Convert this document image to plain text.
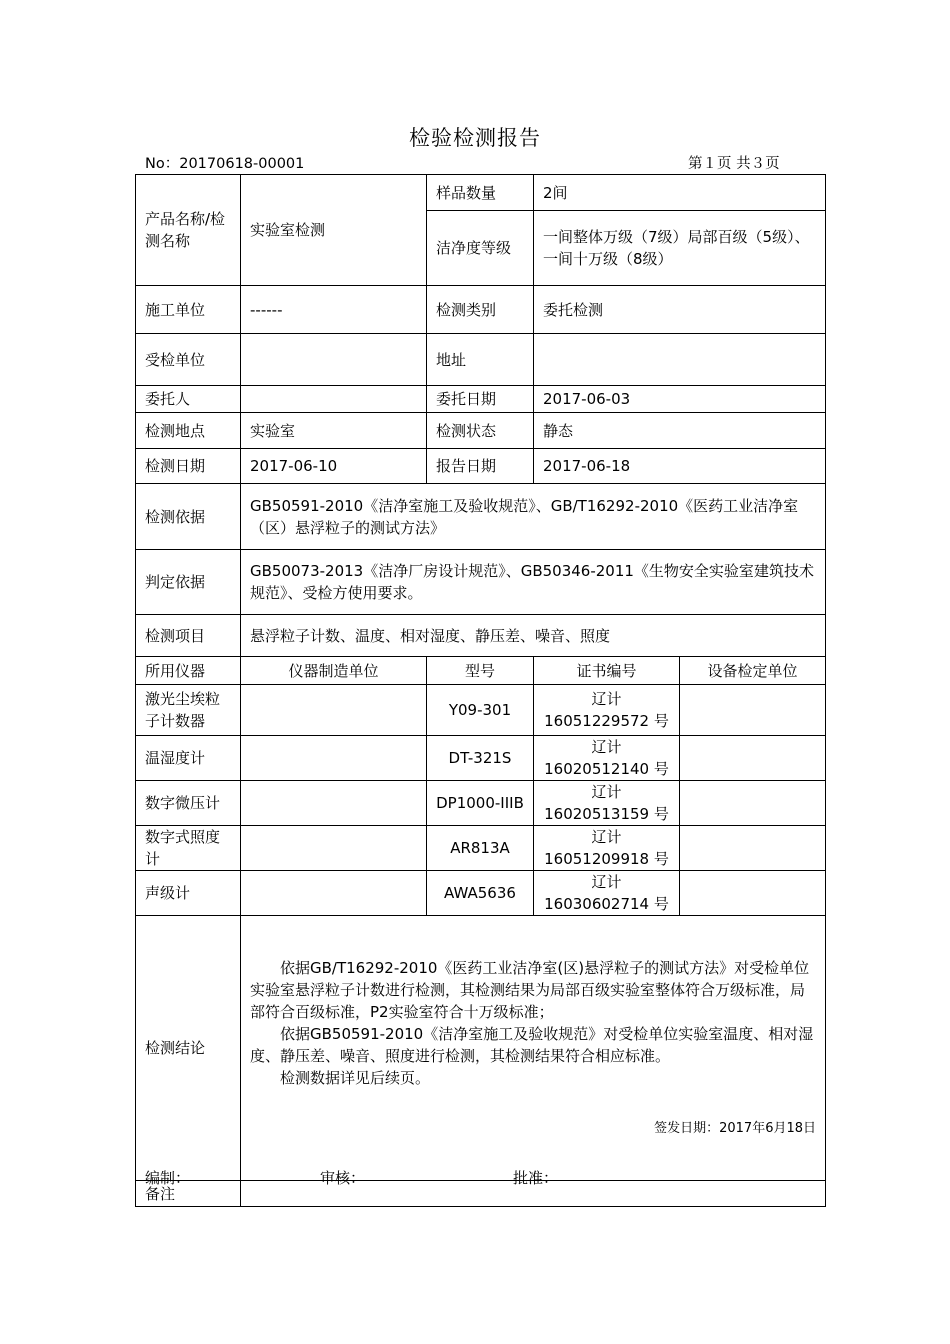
检验检测报告
No：20170618-00001	第１页 共３页
产品名称/检测名称	实验室检测	样品数量	2间	
		洁净度等级	一间整体万级（7级）局部百级（5级）、
一间十万级（8级）	

施工单位	------	检测类别	委托检测	
受检单位		地址		
委托人		委托日期	2017-06-03	
检测地点	实验室	检测状态	静态	
检测日期	2017-06-10	报告日期	2017-06-18	
检测依据	GB50591-2010《洁净室施工及验收规范》、GB/T16292-2010《医药工业洁净室（区）悬浮粒子的测试方法》			
判定依据	GB50073-2013《洁净厂房设计规范》、GB50346-2011《生物安全实验室建筑技术规范》、受检方使用要求。			
检测项目	悬浮粒子计数、温度、相对湿度、静压差、噪音、照度			
所用仪器	仪器制造单位	型号	证书编号	设备检定单位
激光尘埃粒子计数器		Y09-301	辽计 16051229572 号	
温湿度计		DT-321S	辽计 16020512140 号	
数字微压计		DP1000-IIIB	辽计 16020513159 号	
数字式照度计		AR813A	辽计 16051209918 号	
声级计		AWA5636	辽计 16030602714 号	
检测结论	依据GB/T16292-2010《医药工业洁净室(区)悬浮粒子的测试方法》对受检单位实验室悬浮粒子计数进行检测，其检测结果为局部百级实验室整体符合万级标准，局部符合百级标准，P2实验室符合十万级标准；

依据GB50591-2010《洁净室施工及验收规范》对受检单位实验室温度、相对湿度、静压差、噪音、照度进行检测，其检测结果符合相应标准。

检测数据详见后续页。

签发日期：2017年6月18日			

备注				
编制：	审核：	批准：
